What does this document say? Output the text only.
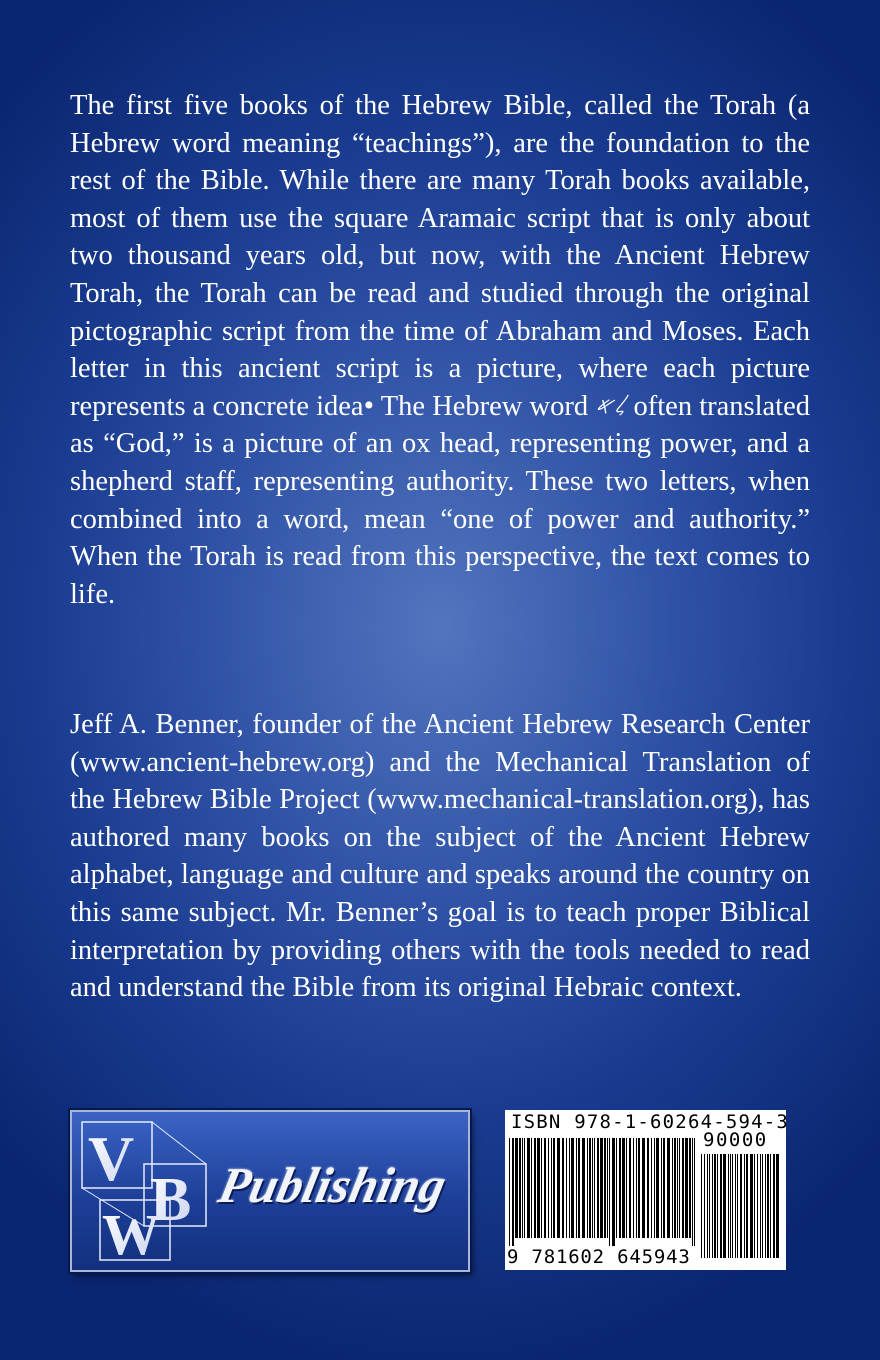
The first five books of the Hebrew Bible, called the Torah (a Hebrew word meaning “teachings”), are the foundation to the rest of the Bible. While there are many Torah books available, most of them use the square Aramaic script that is only about two thousand years old, but now, with the Ancient Hebrew Torah, the Torah can be read and studied through the original pictographic script from the time of Abraham and Moses. Each letter in this ancient script is a picture, where each picture represents a concrete idea• The Hebrew word 𐤋𐤀 often translated as “God,” is a picture of an ox head, representing power, and a shepherd staff, representing authority. These two letters, when combined into a word, mean “one of power and authority.” When the Torah is read from this perspective, the text comes to life.

Jeff A. Benner, founder of the Ancient Hebrew Research Center (www.ancient-hebrew.org) and the Mechanical Translation of the Hebrew Bible Project (www.mechanical-translation.org), has authored many books on the subject of the Ancient Hebrew alphabet, language and culture and speaks around the country on this same subject. Mr. Benner’s goal is to teach proper Biblical interpretation by providing others with the tools needed to read and understand the Bible from its original Hebraic context.

V
B
W
Publishing
ISBN 978-1-60264-594-3
90000
9 781602 645943
